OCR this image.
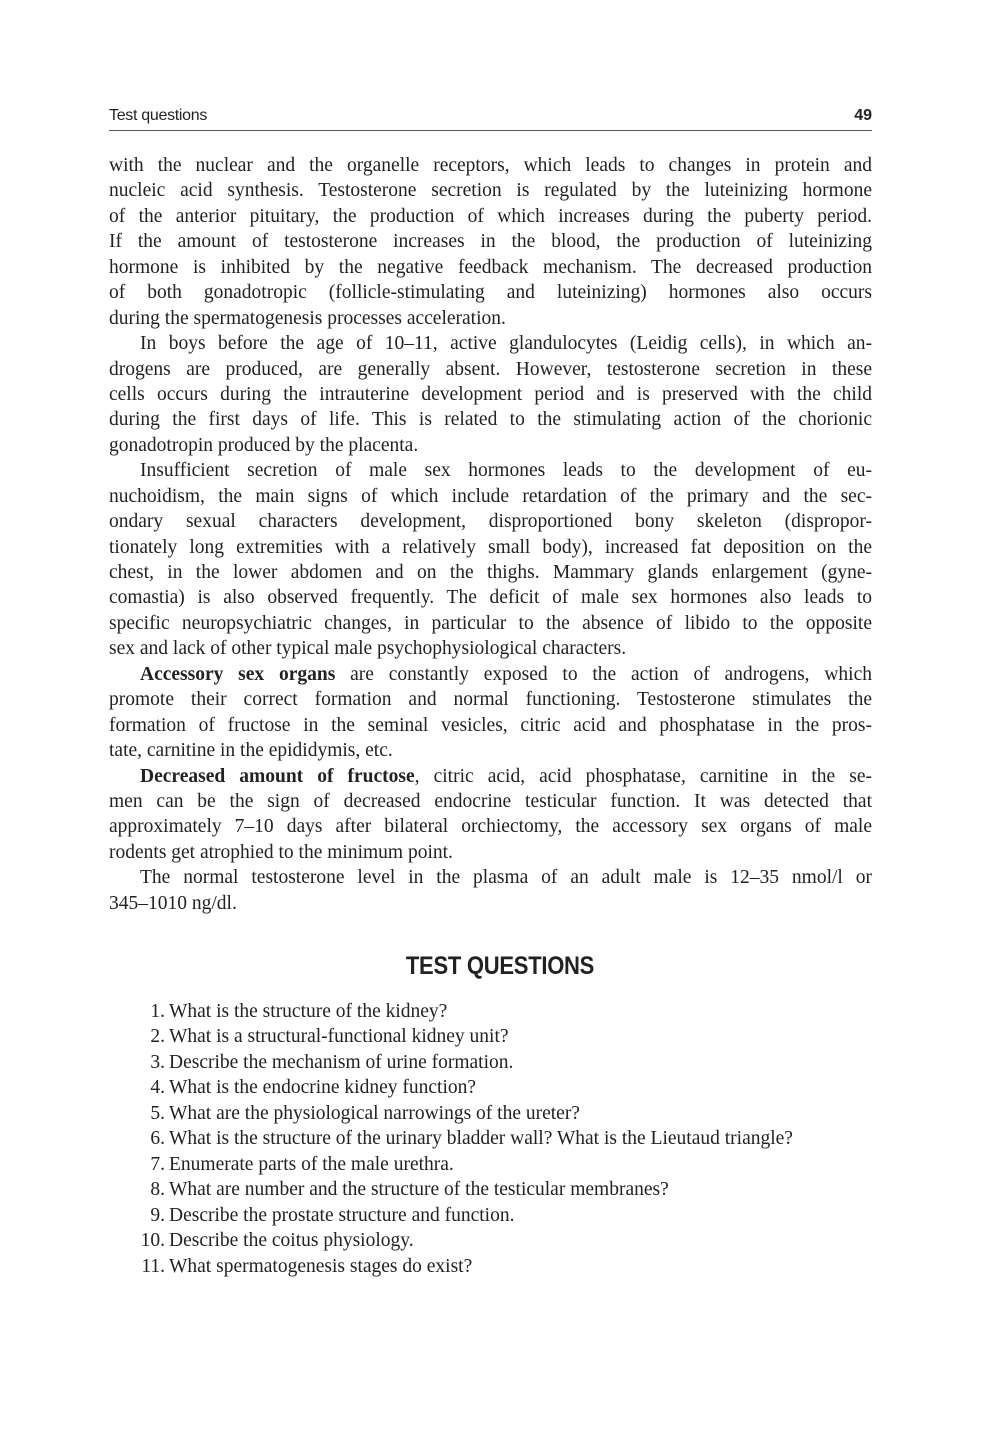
Test questions	49
with the nuclear and the organelle receptors, which leads to changes in protein and
nucleic acid synthesis. Testosterone secretion is regulated by the luteinizing hormone
of the anterior pituitary, the production of which increases during the puberty period.
If the amount of testosterone increases in the blood, the production of luteinizing
hormone is inhibited by the negative feedback mechanism. The decreased production
of both gonadotropic (follicle-stimulating and luteinizing) hormones also occurs
during the spermatogenesis processes acceleration.
In boys before the age of 10–11, active glandulocytes (Leidig cells), in which an-
drogens are produced, are generally absent. However, testosterone secretion in these
cells occurs during the intrauterine development period and is preserved with the child
during the first days of life. This is related to the stimulating action of the chorionic
gonadotropin produced by the placenta.
Insufficient secretion of male sex hormones leads to the development of eu-
nuchoidism, the main signs of which include retardation of the primary and the sec-
ondary sexual characters development, disproportioned bony skeleton (dispropor-
tionately long extremities with a relatively small body), increased fat deposition on the
chest, in the lower abdomen and on the thighs. Mammary glands enlargement (gyne-
comastia) is also observed frequently. The deficit of male sex hormones also leads to
specific neuropsychiatric changes, in particular to the absence of libido to the opposite
sex and lack of other typical male psychophysiological characters.
Accessory sex organs are constantly exposed to the action of androgens, which
promote their correct formation and normal functioning. Testosterone stimulates the
formation of fructose in the seminal vesicles, citric acid and phosphatase in the pros-
tate, carnitine in the epididymis, etc.
Decreased amount of fructose, citric acid, acid phosphatase, carnitine in the se-
men can be the sign of decreased endocrine testicular function. It was detected that
approximately 7–10 days after bilateral orchiectomy, the accessory sex organs of male
rodents get atrophied to the minimum point.
The normal testosterone level in the plasma of an adult male is 12–35 nmol/l or
345–1010 ng/dl.
TEST QUESTIONS
1. What is the structure of the kidney?
2. What is a structural-functional kidney unit?
3. Describe the mechanism of urine formation.
4. What is the endocrine kidney function?
5. What are the physiological narrowings of the ureter?
6. What is the structure of the urinary bladder wall? What is the Lieutaud triangle?
7. Enumerate parts of the male urethra.
8. What are number and the structure of the testicular membranes?
9. Describe the prostate structure and function.
10. Describe the coitus physiology.
11. What spermatogenesis stages do exist?
